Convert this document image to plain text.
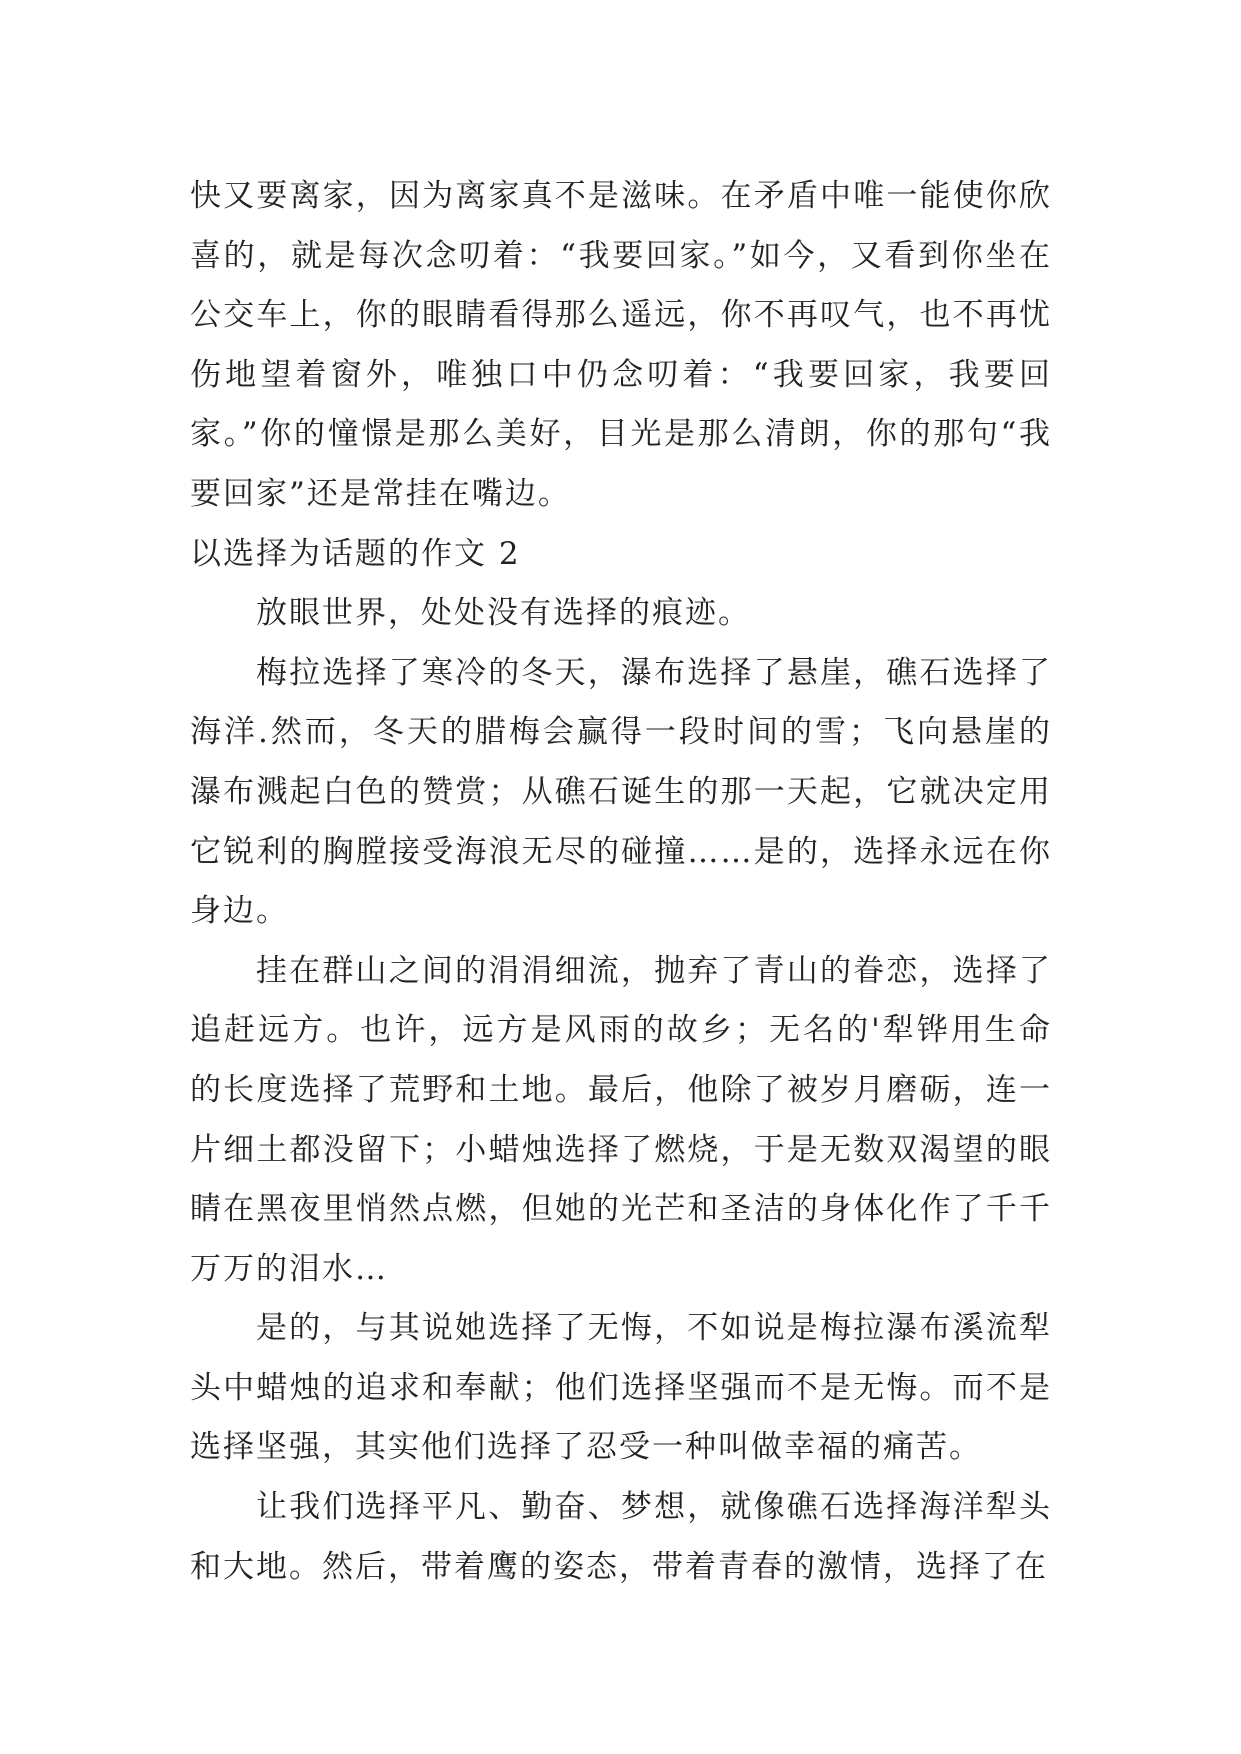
快又要离家，因为离家真不是滋味。在矛盾中唯一能使你欣喜的，就是每次念叨着：“我要回家。”如今，又看到你坐在公交车上，你的眼睛看得那么遥远，你不再叹气，也不再忧伤地望着窗外，唯独口中仍念叨着：“我要回家，我要回家。”你的憧憬是那么美好，目光是那么清朗，你的那句“我要回家”还是常挂在嘴边。

以选择为话题的作文 2

放眼世界，处处没有选择的痕迹。

梅拉选择了寒冷的冬天，瀑布选择了悬崖，礁石选择了海洋.然而，冬天的腊梅会赢得一段时间的雪；飞向悬崖的瀑布溅起白色的赞赏；从礁石诞生的那一天起，它就决定用它锐利的胸膛接受海浪无尽的碰撞……是的，选择永远在你身边。

挂在群山之间的涓涓细流，抛弃了青山的眷恋，选择了追赶远方。也许，远方是风雨的故乡；无名的'犁铧用生命的长度选择了荒野和土地。最后，他除了被岁月磨砺，连一片细土都没留下；小蜡烛选择了燃烧，于是无数双渴望的眼睛在黑夜里悄然点燃，但她的光芒和圣洁的身体化作了千千万万的泪水…

是的，与其说她选择了无悔，不如说是梅拉瀑布溪流犁头中蜡烛的追求和奉献；他们选择坚强而不是无悔。而不是选择坚强，其实他们选择了忍受一种叫做幸福的痛苦。

让我们选择平凡、勤奋、梦想，就像礁石选择海洋犁头和大地。然后，带着鹰的姿态，带着青春的激情，选择了在
